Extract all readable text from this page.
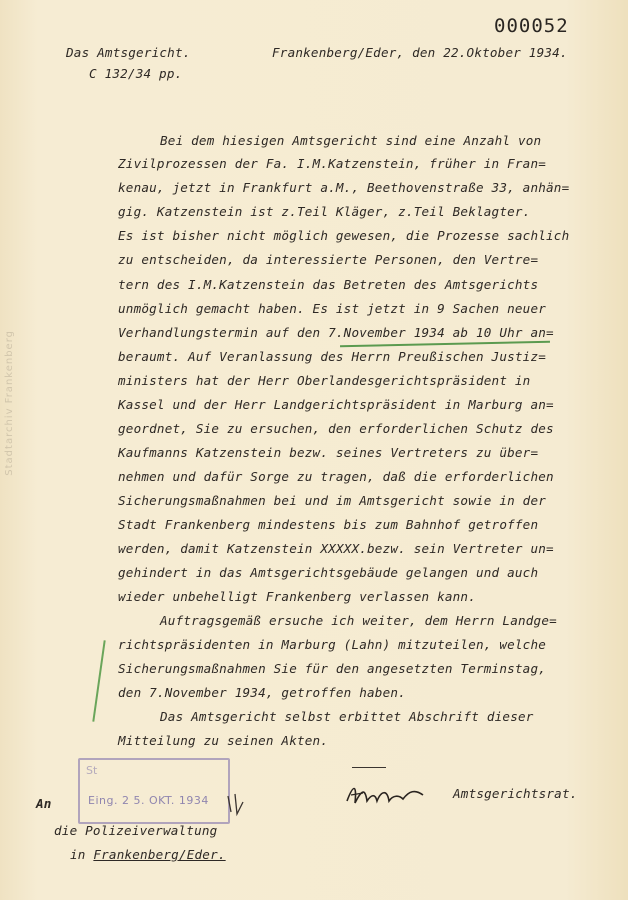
Stadtarchiv Frankenberg
000052
Das Amtsgericht.
C 132/34 pp.
Frankenberg/Eder, den 22.Oktober 1934.
Bei dem hiesigen Amtsgericht sind eine Anzahl von
Zivilprozessen der Fa. I.M.Katzenstein, früher in Fran=
kenau, jetzt in Frankfurt a.M., Beethovenstraße 33, anhän=
gig. Katzenstein ist z.Teil Kläger, z.Teil Beklagter.
Es ist bisher nicht möglich gewesen, die Prozesse sachlich
zu entscheiden, da interessierte Personen, den Vertre=
tern des I.M.Katzenstein das Betreten des Amtsgerichts
unmöglich gemacht haben. Es ist jetzt in 9 Sachen neuer
Verhandlungstermin auf den 7.November 1934 ab 10 Uhr an=
beraumt. Auf Veranlassung des Herrn Preußischen Justiz=
ministers hat der Herr Oberlandesgerichtspräsident in
Kassel und der Herr Landgerichtspräsident in Marburg an=
geordnet, Sie zu ersuchen, den erforderlichen Schutz des
Kaufmanns Katzenstein bezw. seines Vertreters zu über=
nehmen und dafür Sorge zu tragen, daß die erforderlichen
Sicherungsmaßnahmen bei und im Amtsgericht sowie in der
Stadt Frankenberg mindestens bis zum Bahnhof getroffen
werden, damit Katzenstein XXXXX.bezw. sein Vertreter un=
gehindert in das Amtsgerichtsgebäude gelangen und auch
wieder unbehelligt Frankenberg verlassen kann.
Auftragsgemäß ersuche ich weiter, dem Herrn Landge=
richtspräsidenten in Marburg (Lahn) mitzuteilen, welche
Sicherungsmaßnahmen Sie für den angesetzten Terminstag,
den 7.November 1934, getroffen haben.
Das Amtsgericht selbst erbittet Abschrift dieser
Mitteilung zu seinen Akten.
St
Eing. 2 5. OKT. 1934	Amtsgerichtsrat.
An
die Polizeiverwaltung
in Frankenberg/Eder.
